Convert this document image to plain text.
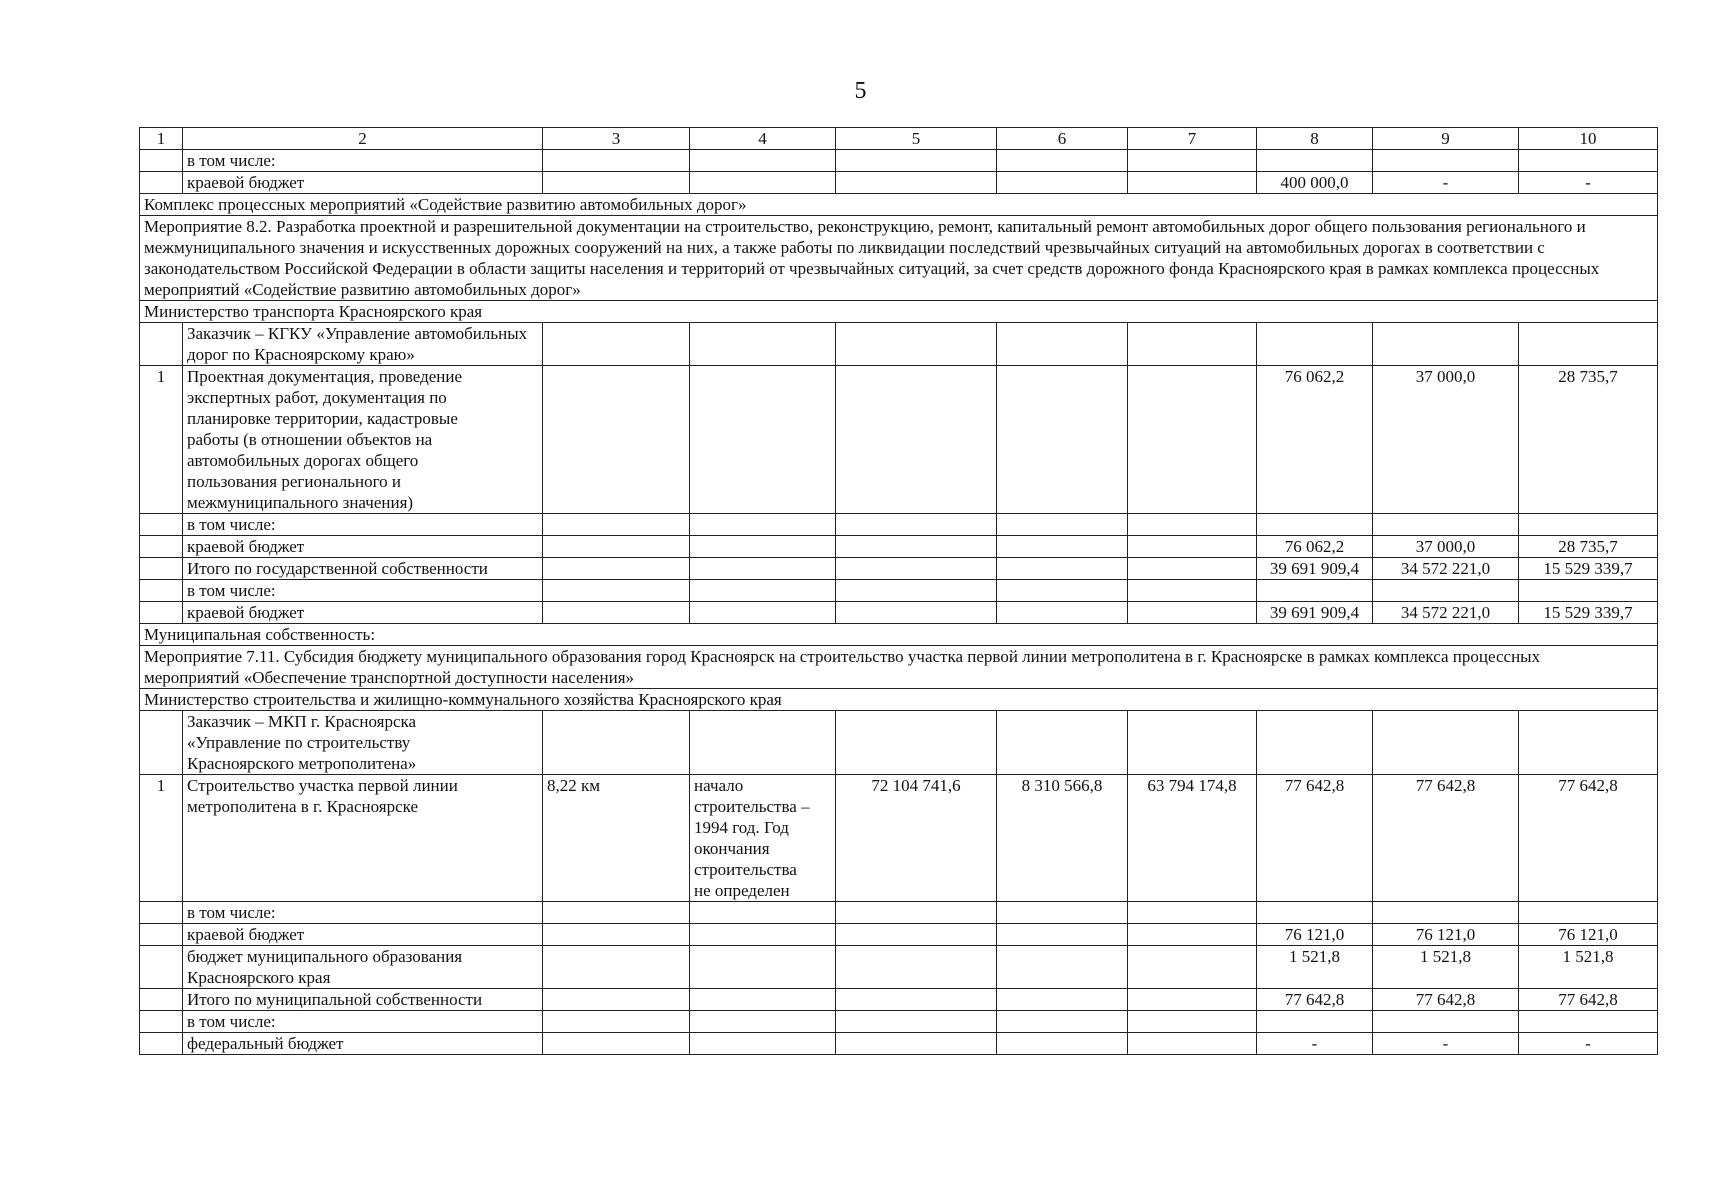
5
1	2	3	4	5	6	7	8	9	10
	в том числе:								
	краевой бюджет						400 000,0	-	-
Комплекс процессных мероприятий «Содействие развитию автомобильных дорог»									
Мероприятие 8.2. Разработка проектной и разрешительной документации на строительство, реконструкцию, ремонт, капитальный ремонт автомобильных дорог общего пользования регионального и межмуниципального значения и искусственных дорожных сооружений на них, а также работы по ликвидации последствий чрезвычайных ситуаций на автомобильных дорогах в соответствии с законодательством Российской Федерации в области защиты населения и территорий от чрезвычайных ситуаций, за счет средств дорожного фонда Красноярского края в рамках комплекса процессных мероприятий «Содействие развитию автомобильных дорог»									
Министерство транспорта Красноярского края									
	Заказчик – КГКУ «Управление автомобильных дорог по Красноярскому краю»								
1	Проектная документация, проведение экспертных работ, документация по планировке территории, кадастровые работы (в отношении объектов на автомобильных дорогах общего пользования регионального и межмуниципального значения)						76 062,2	37 000,0	28 735,7
	в том числе:								
	краевой бюджет						76 062,2	37 000,0	28 735,7
	Итого по государственной собственности						39 691 909,4	34 572 221,0	15 529 339,7
	в том числе:								
	краевой бюджет						39 691 909,4	34 572 221,0	15 529 339,7
Муниципальная собственность:									
Мероприятие 7.11. Субсидия бюджету муниципального образования город Красноярск на строительство участка первой линии метрополитена в г. Красноярске в рамках комплекса процессных мероприятий «Обеспечение транспортной доступности населения»									
Министерство строительства и жилищно-коммунального хозяйства Красноярского края									
	Заказчик – МКП г. Красноярска «Управление по строительству Красноярского метрополитена»								
1	Строительство участка первой линии метрополитена в г. Красноярске	8,22 км	начало строительства – 1994 год. Год окончания строительства не определен	72 104 741,6	8 310 566,8	63 794 174,8	77 642,8	77 642,8	77 642,8
	в том числе:								
	краевой бюджет						76 121,0	76 121,0	76 121,0
	бюджет муниципального образования Красноярского края						1 521,8	1 521,8	1 521,8
	Итого по муниципальной собственности						77 642,8	77 642,8	77 642,8
	в том числе:								
	федеральный бюджет						-	-	-
